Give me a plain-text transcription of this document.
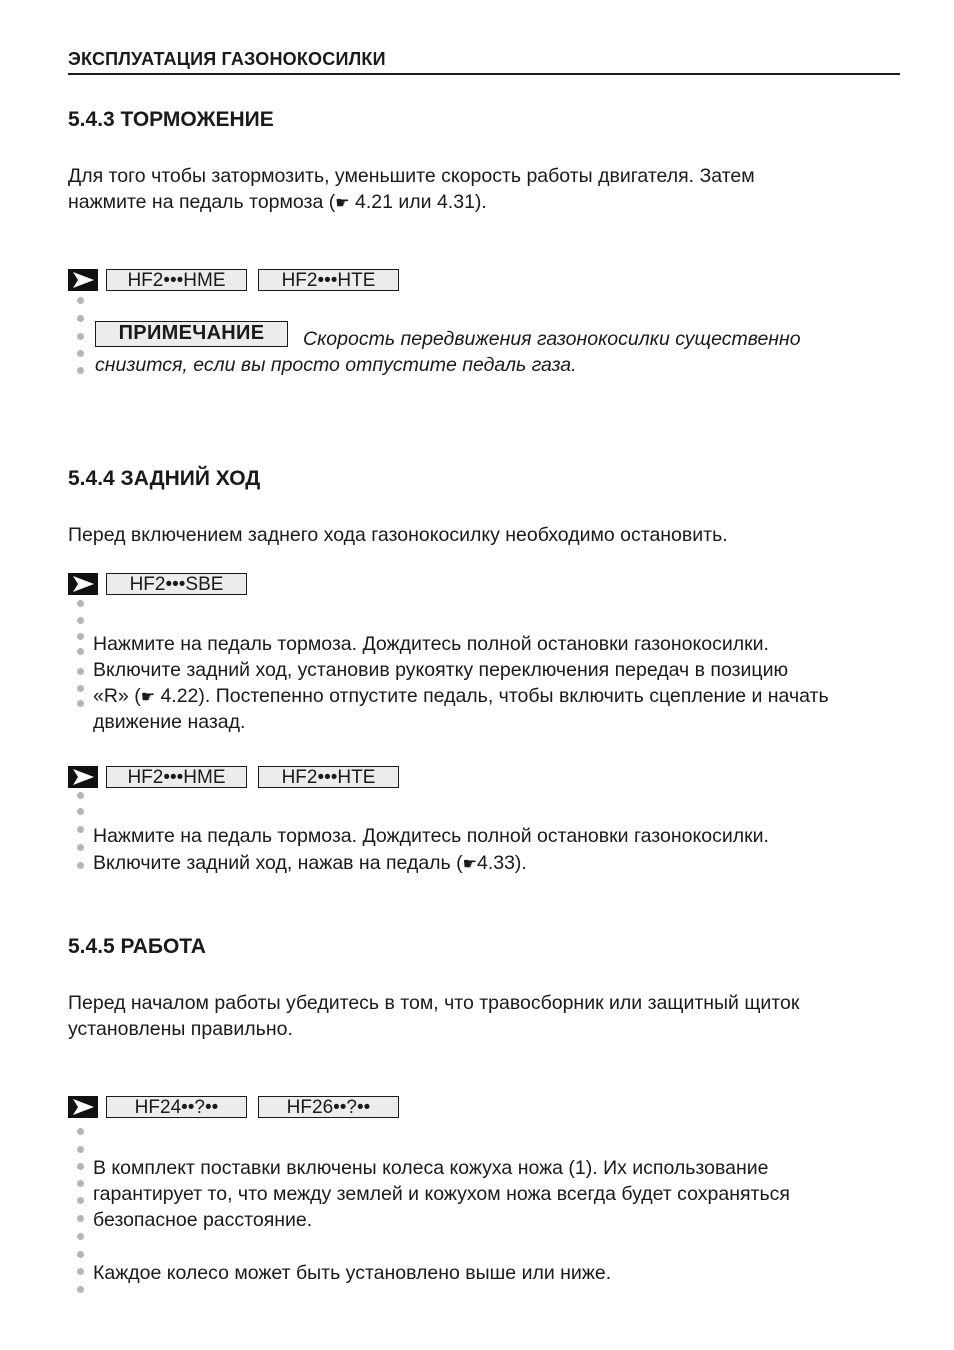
ЭКСПЛУАТАЦИЯ ГАЗОНОКОСИЛКИ
5.4.3 ТОРМОЖЕНИЕ
Для того чтобы затормозить, уменьшите скорость работы двигателя. Затем
нажмите на педаль тормоза (☛ 4.21 или 4.31).
HF2•••HME	HF2•••HTE
ПРИМЕЧАНИЕ	Скорость передвижения газонокосилки существенно
снизится, если вы просто отпустите педаль газа.
5.4.4 ЗАДНИЙ ХОД
Перед включением заднего хода газонокосилку необходимо остановить.
HF2•••SBE
Нажмите на педаль тормоза. Дождитесь полной остановки газонокосилки.
Включите задний ход, установив рукоятку переключения передач в позицию
«R» (☛ 4.22). Постепенно отпустите педаль, чтобы включить сцепление и начать
движение назад.
HF2•••HME	HF2•••HTE
Нажмите на педаль тормоза. Дождитесь полной остановки газонокосилки.
Включите задний ход, нажав на педаль (☛4.33).
5.4.5 РАБОТА
Перед началом работы убедитесь в том, что травосборник или защитный щиток
установлены правильно.
HF24••?••	HF26••?••
В комплект поставки включены колеса кожуха ножа (1). Их использование
гарантирует то, что между землей и кожухом ножа всегда будет сохраняться
безопасное расстояние.
Каждое колесо может быть установлено выше или ниже.
